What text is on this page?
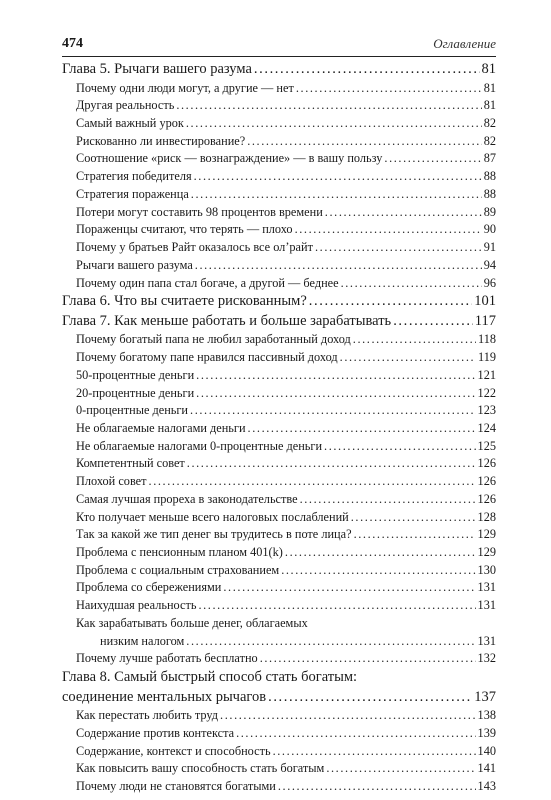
474	Оглавление
Глава 5. Рычаги вашего разума .....	81
Почему одни люди могут, а другие — нет .....	81
Другая реальность .....	81
Самый важный урок .....	82
Рискованно ли инвестирование? .....	82
Соотношение «риск — вознаграждение» — в вашу пользу .....	87
Стратегия победителя .....	88
Стратегия пораженца .....	88
Потери могут составить 98 процентов времени .....	89
Пораженцы считают, что терять — плохо .....	90
Почему у братьев Райт оказалось все ол’райт .....	91
Рычаги вашего разума .....	94
Почему один папа стал богаче, а другой — беднее .....	96
Глава 6. Что вы считаете рискованным? .....	101
Глава 7. Как меньше работать и больше зарабатывать .....	117
Почему богатый папа не любил заработанный доход .....	118
Почему богатому папе нравился пассивный доход .....	119
50-процентные деньги .....	121
20-процентные деньги .....	122
0-процентные деньги .....	123
Не облагаемые налогами деньги .....	124
Не облагаемые налогами 0-процентные деньги .....	125
Компетентный совет .....	126
Плохой совет .....	126
Самая лучшая прореха в законодательстве .....	126
Кто получает меньше всего налоговых послаблений .....	128
Так за какой же тип денег вы трудитесь в поте лица? .....	129
Проблема с пенсионным планом 401(k) .....	129
Проблема с социальным страхованием .....	130
Проблема со сбережениями .....	131
Наихудшая реальность .....	131
Как зарабатывать больше денег, облагаемых
низким налогом .....	131
Почему лучше работать бесплатно .....	132
Глава 8. Самый быстрый способ стать богатым:
соединение ментальных рычагов .....	137
Как перестать любить труд .....	138
Содержание против контекста .....	139
Содержание, контекст и способность .....	140
Как повысить вашу способность стать богатым .....	141
Почему люди не становятся богатыми .....	143
